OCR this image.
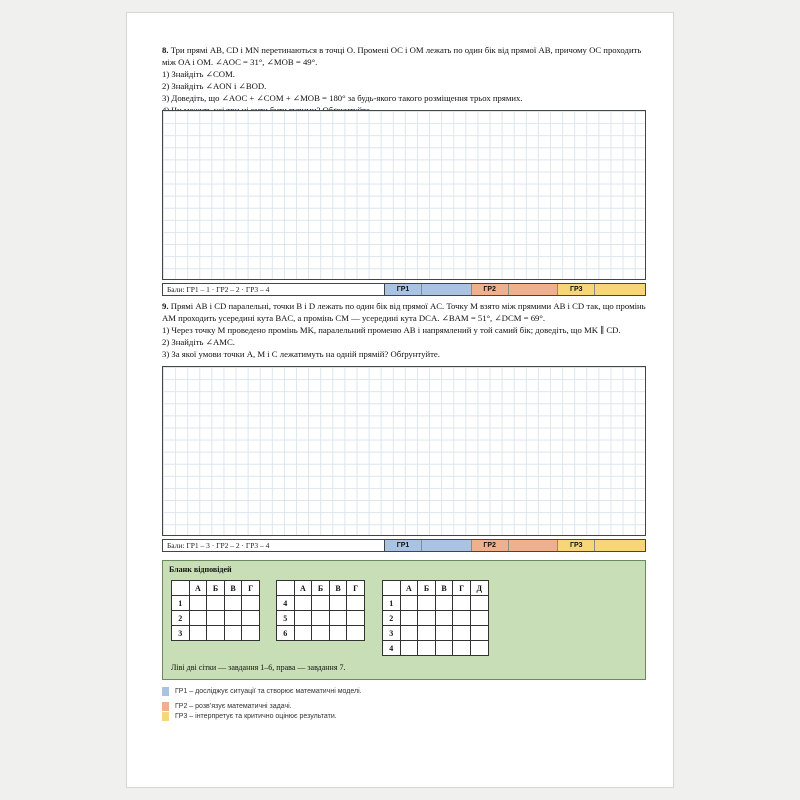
8. Три прямі AB, CD і MN перетинаються в точці O. Промені OC і OM лежать по один бік від прямої AB, причому OC проходить між OA і OM. ∠AOC = 31°, ∠MOB = 49°.

1) Знайдіть ∠COM.

2) Знайдіть ∠AON і ∠BOD.

3) Доведіть, що ∠AOC + ∠COM + ∠MOB = 180° за будь-якого такого розміщення трьох прямих.

Бали: ГР1 – 1 · ГР2 – 2 · ГР3 – 4	ГР1	ГР2	ГР3

9. Прямі AB і CD паралельні, точки B і D лежать по один бік від прямої AC. Точку M взято між прямими AB і CD так, що промінь AM проходить усередині кута BAC, а промінь CM — усередині кута DCA. ∠BAM = 51°, ∠DCM = 69°.

1) Через точку M проведено промінь MK, паралельний променю AB і напрямлений у той самий бік; доведіть, що MK ∥ CD.

2) Знайдіть ∠AMC.

3) За якої умови точки A, M і C лежатимуть на одній прямій? Обґрунтуйте.

Бали: ГР1 – 3 · ГР2 – 2 · ГР3 – 4	ГР1	ГР2	ГР3
Бланк відповідей
	А	Б	В	Г
1				
2				
3				
	А	Б	В	Г
4				
5				
6				
	А	Б	В	Г	Д
1					
2					
3					
4					
Ліві дві сітки — завдання 1–6, права — завдання 7.
ГР1 – досліджує ситуації та створює математичні моделі.
ГР2 – розв’язує математичні задачі.
ГР3 – інтерпретує та критично оцінює результати.
